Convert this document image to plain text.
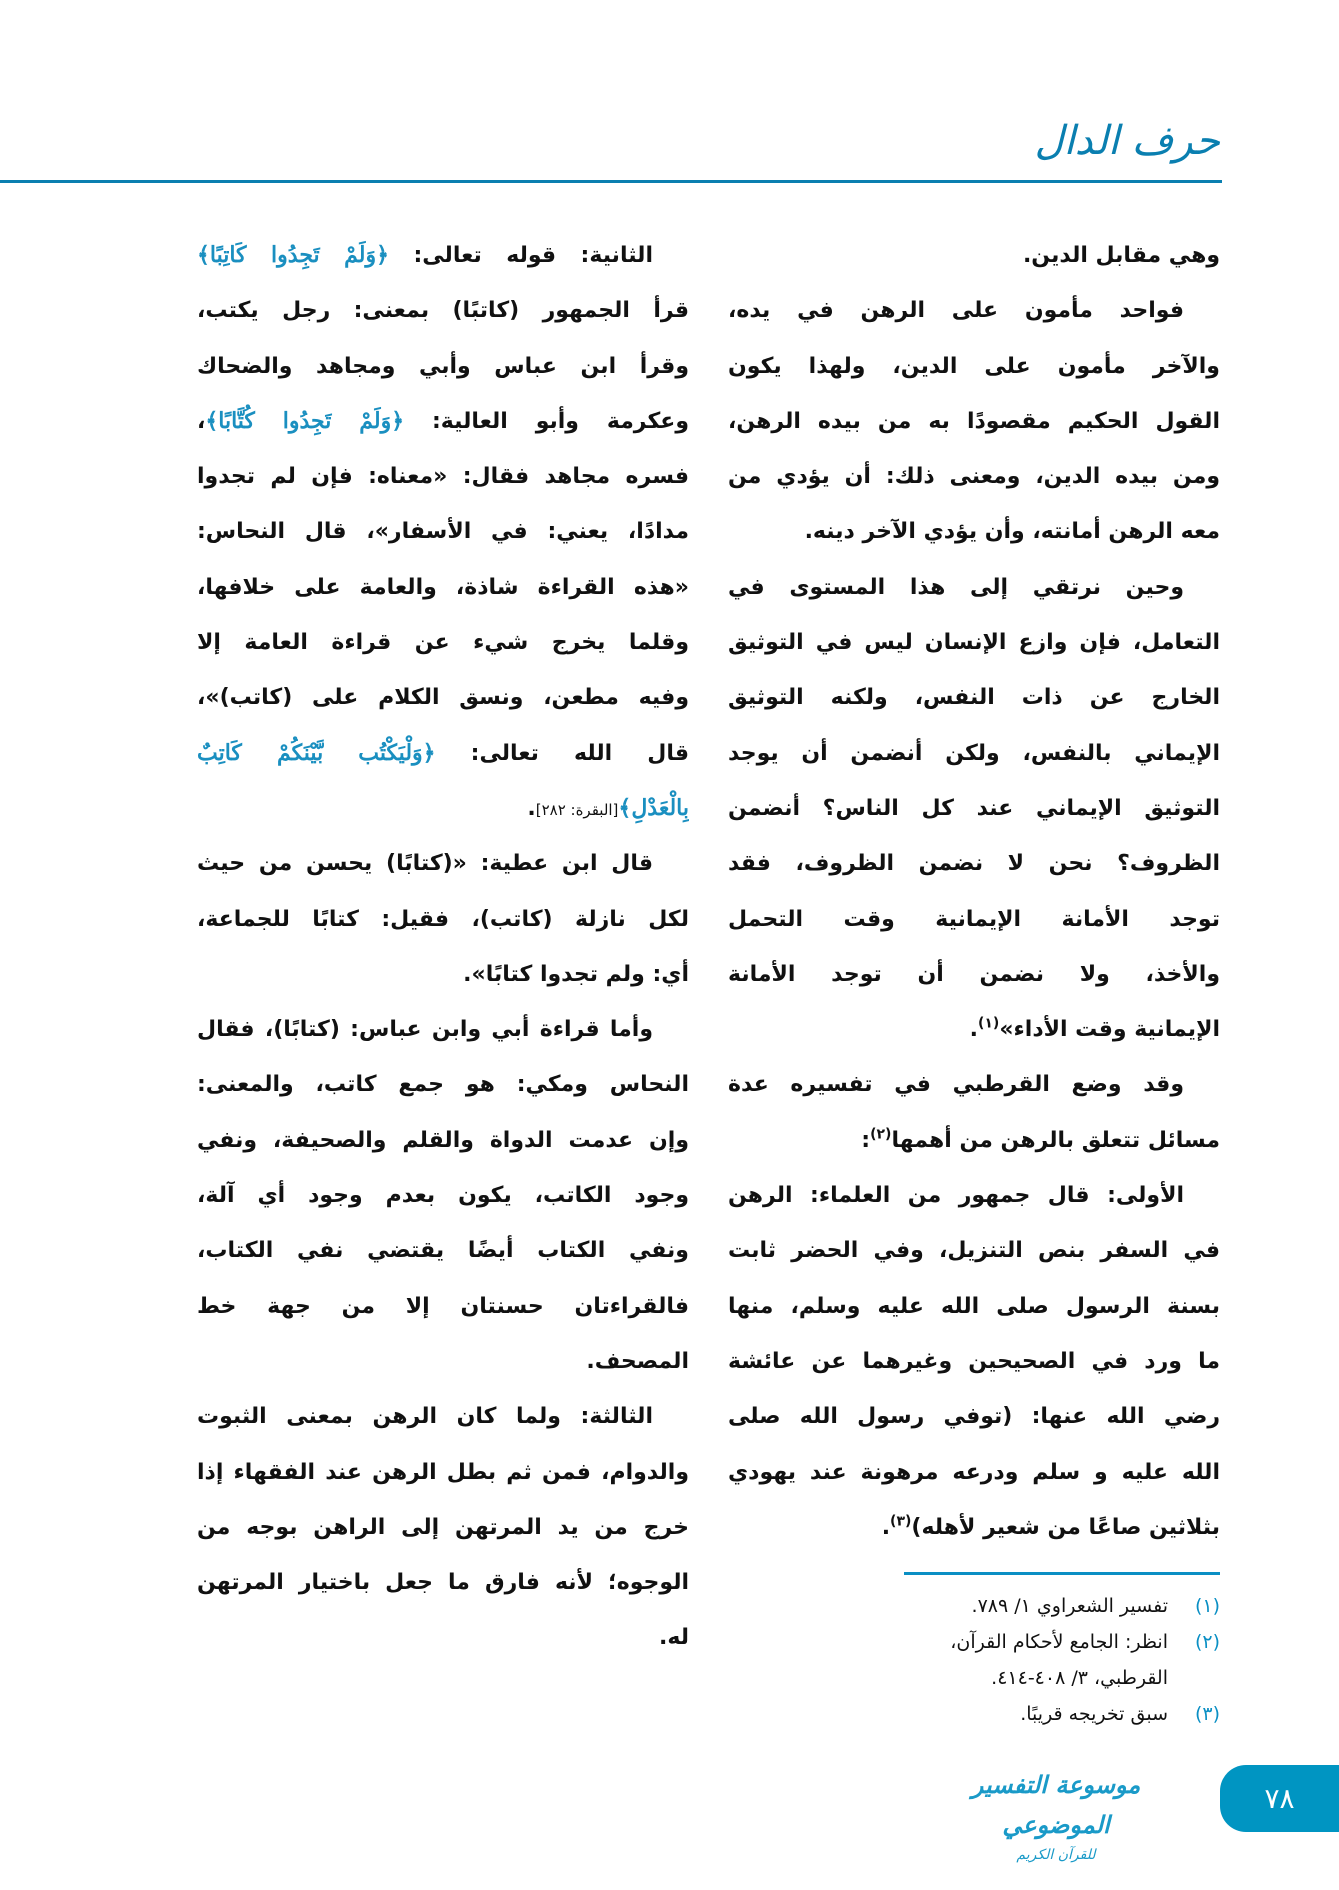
حرف الدال
وهي مقابل الدين.
فواحد مأمون على الرهن في يده،
والآخر مأمون على الدين، ولهذا يكون
القول الحكيم مقصودًا به من بيده الرهن،
ومن بيده الدين، ومعنى ذلك: أن يؤدي من
معه الرهن أمانته، وأن يؤدي الآخر دينه.
وحين نرتقي إلى هذا المستوى في
التعامل، فإن وازع الإنسان ليس في التوثيق
الخارج عن ذات النفس، ولكنه التوثيق
الإيماني بالنفس، ولكن أنضمن أن يوجد
التوثيق الإيماني عند كل الناس؟ أنضمن
الظروف؟ نحن لا نضمن الظروف، فقد
توجد الأمانة الإيمانية وقت التحمل
والأخذ، ولا نضمن أن توجد الأمانة
الإيمانية وقت الأداء»$^{(١)}$.
وقد وضع القرطبي في تفسيره عدة
مسائل تتعلق بالرهن من أهمها$^{(٢)}$:
الأولى: قال جمهور من العلماء: الرهن
في السفر بنص التنزيل، وفي الحضر ثابت
بسنة الرسول صلى الله عليه وسلم، منها
ما ورد في الصحيحين وغيرهما عن عائشة
رضي الله عنها: (توفي رسول الله صلى
الله عليه و سلم ودرعه مرهونة عند يهودي
بثلاثين صاعًا من شعير لأهله)$^{(٣)}$.
الثانية: قوله تعالى: ﴿وَلَمْ تَجِدُوا كَاتِبًا﴾
قرأ الجمهور (كاتبًا) بمعنى: رجل يكتب،
وقرأ ابن عباس وأبي ومجاهد والضحاك
وعكرمة وأبو العالية: ﴿وَلَمْ تَجِدُوا كُتَّابًا﴾،
فسره مجاهد فقال: «معناه: فإن لم تجدوا
مدادًا، يعني: في الأسفار»، قال النحاس:
«هذه القراءة شاذة، والعامة على خلافها،
وقلما يخرج شيء عن قراءة العامة إلا
وفيه مطعن، ونسق الكلام على (كاتب)»،
قال الله تعالى: ﴿وَلْيَكْتُب بَّيْنَكُمْ كَاتِبٌ
بِالْعَدْلِ﴾[البقرة: ٢٨٢].
قال ابن عطية: «(كتابًا) يحسن من حيث
لكل نازلة (كاتب)، فقيل: كتابًا للجماعة،
أي: ولم تجدوا كتابًا».
وأما قراءة أبي وابن عباس: (كتابًا)، فقال
النحاس ومكي: هو جمع كاتب، والمعنى:
وإن عدمت الدواة والقلم والصحيفة، ونفي
وجود الكاتب، يكون بعدم وجود أي آلة،
ونفي الكتاب أيضًا يقتضي نفي الكتاب،
فالقراءتان حسنتان إلا من جهة خط
المصحف.
الثالثة: ولما كان الرهن بمعنى الثبوت
والدوام، فمن ثم بطل الرهن عند الفقهاء إذا
خرج من يد المرتهن إلى الراهن بوجه من
الوجوه؛ لأنه فارق ما جعل باختيار المرتهن
له.
(١)
تفسير الشعراوي ١/ ٧٨٩.
(٢)
انظر: الجامع لأحكام القرآن، القرطبي، ٣/ ٤٠٨-٤١٤.
(٣)
سبق تخريجه قريبًا.
موسوعة التفسير الموضوعي
للقرآن الكريم
٧٨
